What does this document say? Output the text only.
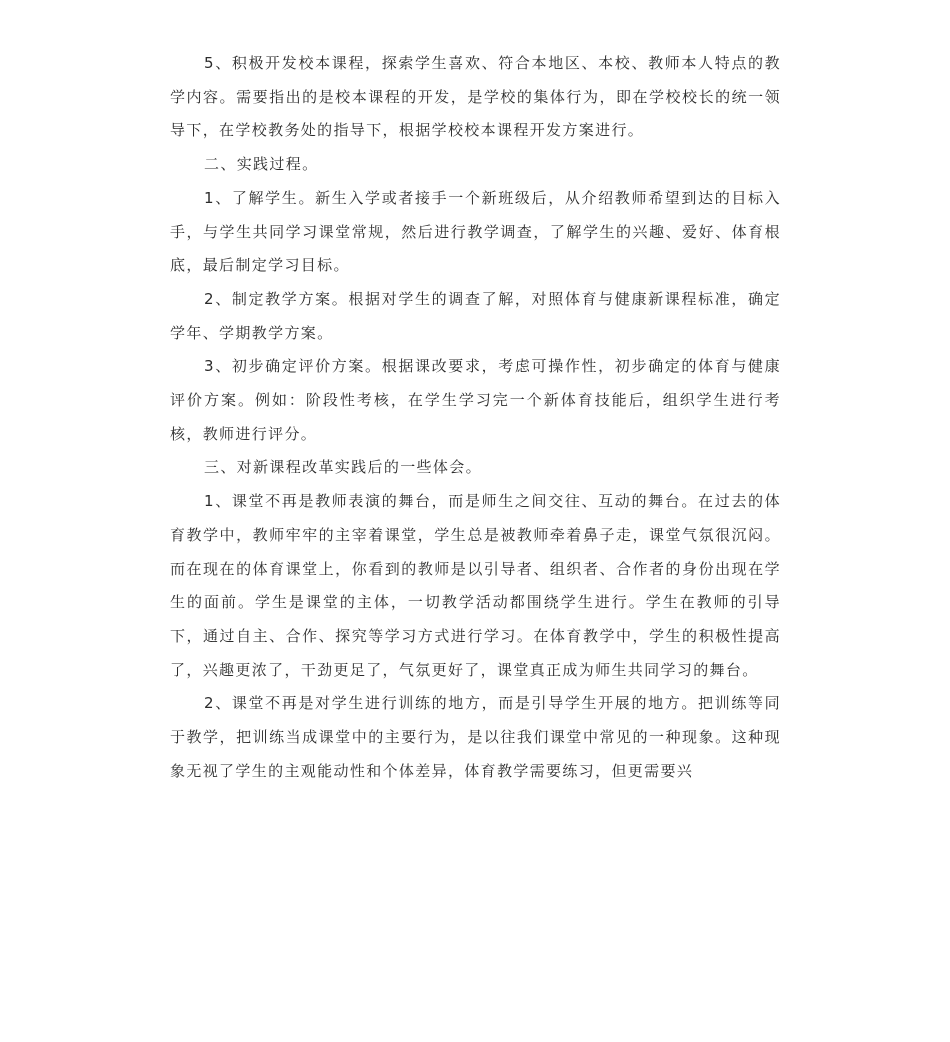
5、积极开发校本课程，探索学生喜欢、符合本地区、本校、教师本人特点的教学内容。需要指出的是校本课程的开发，是学校的集体行为，即在学校校长的统一领导下，在学校教务处的指导下，根据学校校本课程开发方案进行。

二、实践过程。

1、了解学生。新生入学或者接手一个新班级后，从介绍教师希望到达的目标入手，与学生共同学习课堂常规，然后进行教学调查，了解学生的兴趣、爱好、体育根底，最后制定学习目标。

2、制定教学方案。根据对学生的调查了解，对照体育与健康新课程标准，确定学年、学期教学方案。

3、初步确定评价方案。根据课改要求，考虑可操作性，初步确定的体育与健康评价方案。例如：阶段性考核，在学生学习完一个新体育技能后，组织学生进行考核，教师进行评分。

三、对新课程改革实践后的一些体会。

1、课堂不再是教师表演的舞台，而是师生之间交往、互动的舞台。在过去的体育教学中，教师牢牢的主宰着课堂，学生总是被教师牵着鼻子走，课堂气氛很沉闷。而在现在的体育课堂上，你看到的教师是以引导者、组织者、合作者的身份出现在学生的面前。学生是课堂的主体，一切教学活动都围绕学生进行。学生在教师的引导下，通过自主、合作、探究等学习方式进行学习。在体育教学中，学生的积极性提高了，兴趣更浓了，干劲更足了，气氛更好了，课堂真正成为师生共同学习的舞台。

2、课堂不再是对学生进行训练的地方，而是引导学生开展的地方。把训练等同于教学，把训练当成课堂中的主要行为，是以往我们课堂中常见的一种现象。这种现象无视了学生的主观能动性和个体差异，体育教学需要练习，但更需要兴
